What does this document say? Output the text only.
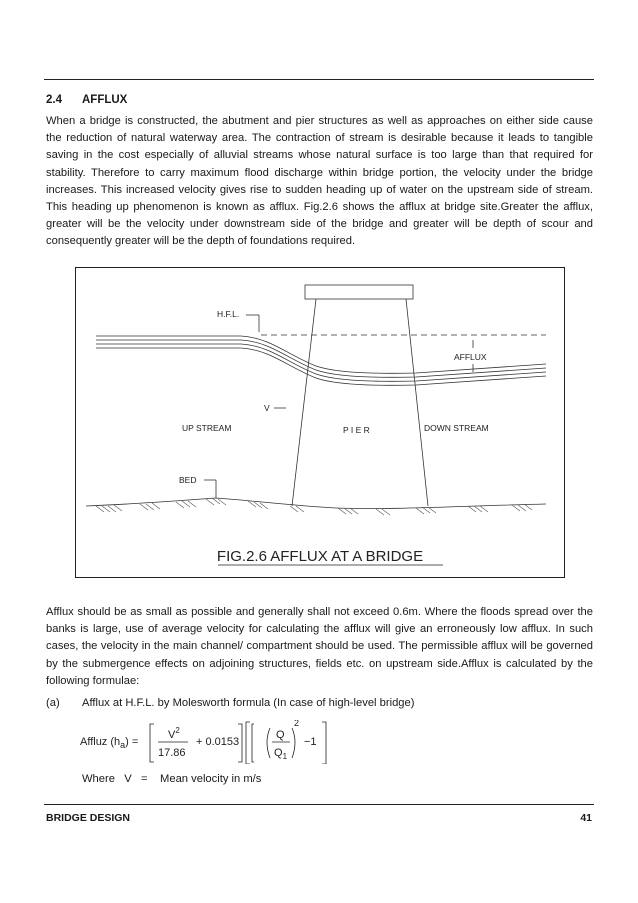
2.4 AFFLUX

When a bridge is constructed, the abutment and pier structures as well as approaches on either side cause the reduction of natural waterway area. The contraction of stream is desirable because it leads to tangible saving in the cost especially of alluvial streams whose natural surface is too large than that required for stability. Therefore to carry maximum flood discharge within bridge portion, the velocity under the bridge increases. This increased velocity gives rise to sudden heading up of water on the upstream side of stream. This heading up phenomenon is known as afflux. Fig.2.6 shows the afflux at bridge site.Greater the afflux, greater will be the velocity under downstream side of the bridge and greater will be depth of scour and consequently greater will be the depth of foundations required.

H.F.L.
AFFLUX
V
UP STREAM	P I E R	DOWN STREAM
BED
FIG.2.6 AFFLUX AT A BRIDGE

Afflux should be as small as possible and generally shall not exceed 0.6m. Where the floods spread over the banks is large, use of average velocity for calculating the afflux will give an erroneously low afflux. In such cases, the velocity in the main channel/ compartment should be used. The permissible afflux will be governed by the submergence effects on adjoining structures, fields etc. on upstream side.Afflux is calculated by the following formulae:

(a) Afflux at H.F.L. by Molesworth formula (In case of high-level bridge)
Affluz $(h_a)$ =
$V^2$
17.86
+ 0.0153
Q
$Q_1$
2
−1
Where   V   =    Mean velocity in m/s
BRIDGE DESIGN	41
